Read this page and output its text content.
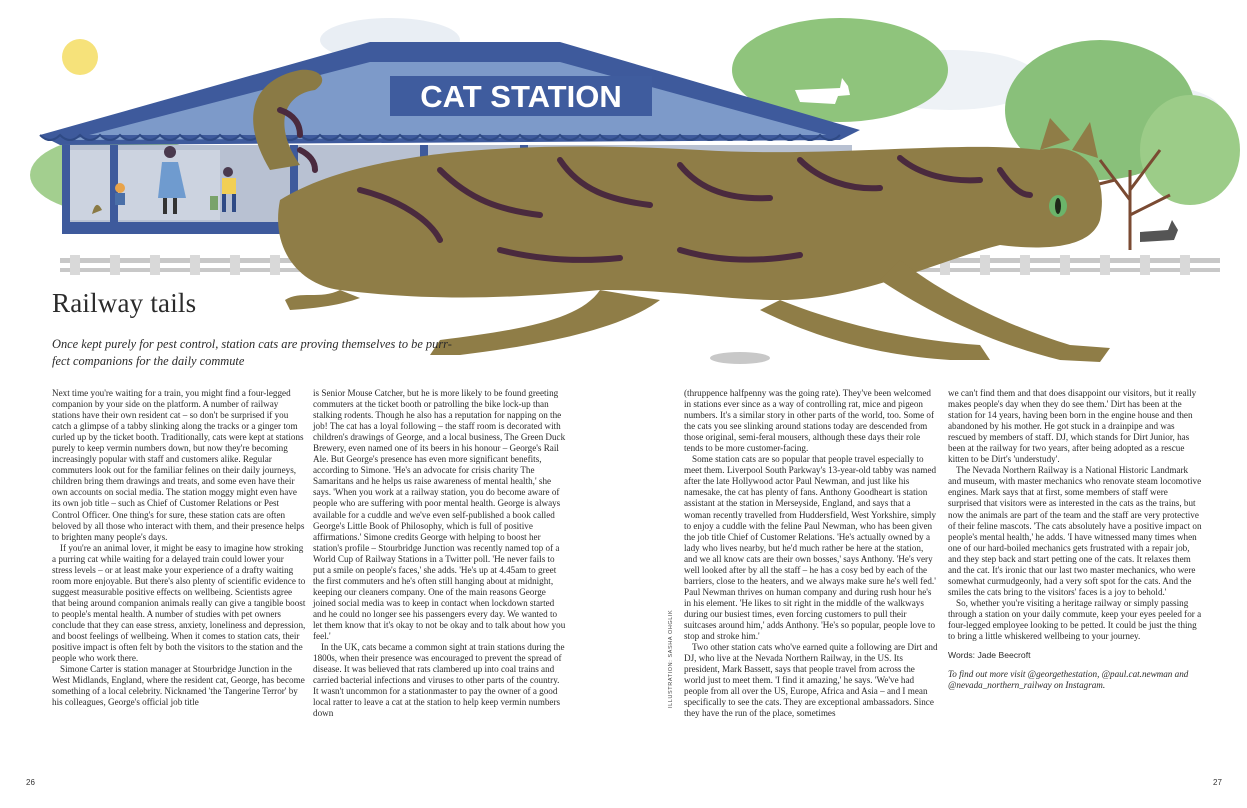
CAT STATION
Railway tails
Once kept purely for pest control, station cats are proving themselves to be purr-fect companions for the daily commute

Next time you're waiting for a train, you might find a four-legged companion by your side on the platform. A number of railway stations have their own resident cat – so don't be surprised if you catch a glimpse of a tabby slinking along the tracks or a ginger tom curled up by the ticket booth. Traditionally, cats were kept at stations purely to keep vermin numbers down, but now they're becoming increasingly popular with staff and customers alike. Regular commuters look out for the familiar felines on their daily journeys, children bring them drawings and treats, and some even have their own accounts on social media. The station moggy might even have its own job title – such as Chief of Customer Relations or Pest Control Officer. One thing's for sure, these station cats are often beloved by all those who interact with them, and their presence helps to brighten many people's days.

If you're an animal lover, it might be easy to imagine how stroking a purring cat while waiting for a delayed train could lower your stress levels – or at least make your experience of a drafty waiting room more enjoyable. But there's also plenty of scientific evidence to suggest measurable positive effects on wellbeing. Scientists agree that being around companion animals really can give a tangible boost to people's mental health. A number of studies with pet owners conclude that they can ease stress, anxiety, loneliness and depression, and boost feelings of wellbeing. When it comes to station cats, their positive impact is often felt by both the visitors to the station and the people who work there.

Simone Carter is station manager at Stourbridge Junction in the West Midlands, England, where the resident cat, George, has become something of a local celebrity. Nicknamed 'the Tangerine Terror' by his colleagues, George's official job title

is Senior Mouse Catcher, but he is more likely to be found greeting commuters at the ticket booth or patrolling the bike lock-up than stalking rodents. Though he also has a reputation for napping on the job! The cat has a loyal following – the staff room is decorated with children's drawings of George, and a local business, The Green Duck Brewery, even named one of its beers in his honour – George's Rail Ale. But George's presence has even more significant benefits, according to Simone. 'He's an advocate for crisis charity The Samaritans and he helps us raise awareness of mental health,' she says. 'When you work at a railway station, you do become aware of people who are suffering with poor mental health. George is always available for a cuddle and we've even self-published a book called George's Little Book of Philosophy, which is full of positive affirmations.' Simone credits George with helping to boost her station's profile – Stourbridge Junction was recently named top of a World Cup of Railway Stations in a Twitter poll. 'He never fails to put a smile on people's faces,' she adds. 'He's up at 4.45am to greet the first commuters and he's often still hanging about at midnight, keeping our cleaners company. One of the main reasons George joined social media was to keep in contact when lockdown started and he could no longer see his passengers every day. We wanted to let them know that it's okay to not be okay and to talk about how you feel.'

In the UK, cats became a common sight at train stations during the 1800s, when their presence was encouraged to prevent the spread of disease. It was believed that rats clambered up into coal trains and carried bacterial infections and viruses to other parts of the country. It wasn't uncommon for a stationmaster to pay the owner of a good local ratter to leave a cat at the station to help keep vermin numbers down

(thruppence halfpenny was the going rate). They've been welcomed in stations ever since as a way of controlling rat, mice and pigeon numbers. It's a similar story in other parts of the world, too. Some of the cats you see slinking around stations today are descended from those original, semi-feral mousers, although these days their role tends to be more customer-facing.

Some station cats are so popular that people travel especially to meet them. Liverpool South Parkway's 13-year-old tabby was named after the late Hollywood actor Paul Newman, and just like his namesake, the cat has plenty of fans. Anthony Goodheart is station assistant at the station in Merseyside, England, and says that a woman recently travelled from Huddersfield, West Yorkshire, simply to enjoy a cuddle with the feline Paul Newman, who has been given the job title Chief of Customer Relations. 'He's actually owned by a lady who lives nearby, but he'd much rather be here at the station, and we all know cats are their own bosses,' says Anthony. 'He's very well looked after by all the staff – he has a cosy bed by each of the barriers, close to the heaters, and we always make sure he's well fed.' Paul Newman thrives on human company and during rush hour he's in his element. 'He likes to sit right in the middle of the walkways during our busiest times, even forcing customers to pull their suitcases around him,' adds Anthony. 'He's so popular, people love to stop and stroke him.'

Two other station cats who've earned quite a following are Dirt and DJ, who live at the Nevada Northern Railway, in the US. Its president, Mark Bassett, says that people travel from across the world just to meet them. 'I find it amazing,' he says. 'We've had people from all over the US, Europe, Africa and Asia – and I mean specifically to see the cats. They are exceptional ambassadors. Since they have the run of the place, sometimes

we can't find them and that does disappoint our visitors, but it really makes people's day when they do see them.' Dirt has been at the station for 14 years, having been born in the engine house and then abandoned by his mother. He got stuck in a drainpipe and was rescued by members of staff. DJ, which stands for Dirt Junior, has been at the railway for two years, after being adopted as a rescue kitten to be Dirt's 'understudy'.

The Nevada Northern Railway is a National Historic Landmark and museum, with master mechanics who renovate steam locomotive engines. Mark says that at first, some members of staff were surprised that visitors were as interested in the cats as the trains, but now the animals are part of the team and the staff are very protective of their feline mascots. 'The cats absolutely have a positive impact on people's mental health,' he adds. 'I have witnessed many times when one of our hard-boiled mechanics gets frustrated with a repair job, and they step back and start petting one of the cats. It relaxes them and the cat. It's ironic that our last two master mechanics, who were somewhat curmudgeonly, had a very soft spot for the cats. And the smiles the cats bring to the visitors' faces is a joy to behold.'

So, whether you're visiting a heritage railway or simply passing through a station on your daily commute, keep your eyes peeled for a four-legged employee looking to be petted. It could be just the thing to bring a little whiskered wellbeing to your journey.

Words: Jade Beecroft

To find out more visit @georgethestation, @paul.cat.newman and @nevada_northern_railway on Instagram.

ILLUSTRATION: SASHA OHGLIK
26	27
